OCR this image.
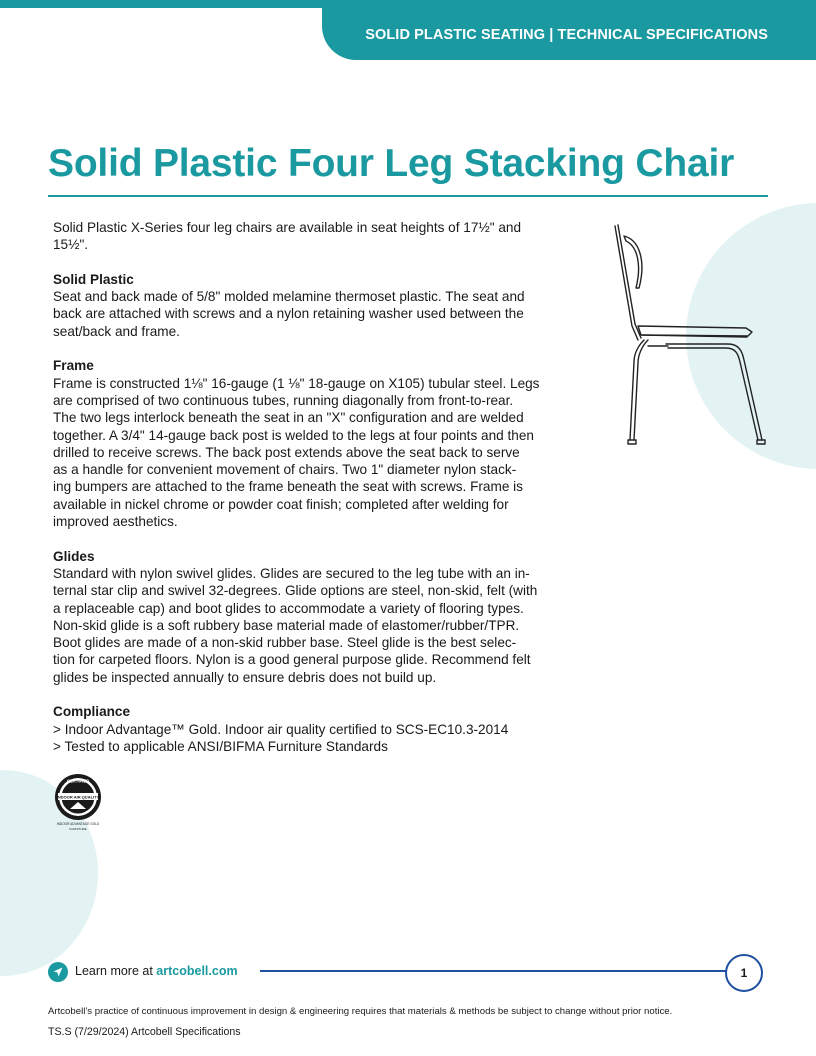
SOLID PLASTIC SEATING | TECHNICAL SPECIFICATIONS
Solid Plastic Four Leg Stacking Chair

Solid Plastic X-Series four leg chairs are available in seat heights of 17½" and

15½".

Solid Plastic

Seat and back made of 5/8" molded melamine thermoset plastic. The seat and

back are attached with screws and a nylon retaining washer used between the

seat/back and frame.

Frame

Frame is constructed 1⅛" 16-gauge (1 ⅛" 18-gauge on X105) tubular steel. Legs

are comprised of two continuous tubes, running diagonally from front-to-rear.

The two legs interlock beneath the seat in an "X" configuration and are welded

together. A 3/4" 14-gauge back post is welded to the legs at four points and then

drilled to receive screws. The back post extends above the seat back to serve

as a handle for convenient movement of chairs. Two 1" diameter nylon stack-

ing bumpers are attached to the frame beneath the seat with screws. Frame is

available in nickel chrome or powder coat finish; completed after welding for

improved aesthetics.

Glides

Standard with nylon swivel glides. Glides are secured to the leg tube with an in-

ternal star clip and swivel 32-degrees. Glide options are steel, non-skid, felt (with

a replaceable cap) and boot glides to accommodate a variety of flooring types.

Non-skid glide is a soft rubbery base material made of elastomer/rubber/TPR.

Boot glides are made of a non-skid rubber base. Steel glide is the best selec-

tion for carpeted floors. Nylon is a good general purpose glide. Recommend felt

glides be inspected annually to ensure debris does not build up.

Compliance

> Indoor Advantage™ Gold. Indoor air quality certified to SCS-EC10.3-2014

> Tested to applicable ANSI/BIFMA Furniture Standards

CERTIFIED
INDOOR AIR QUALITY
INDOOR ADVANTAGE GOLD
FURNITURE
Learn more at artcobell.com	1
Artcobell’s practice of continuous improvement in design & engineering requires that materials & methods be subject to change without prior notice.
TS.S (7/29/2024) Artcobell Specifications
